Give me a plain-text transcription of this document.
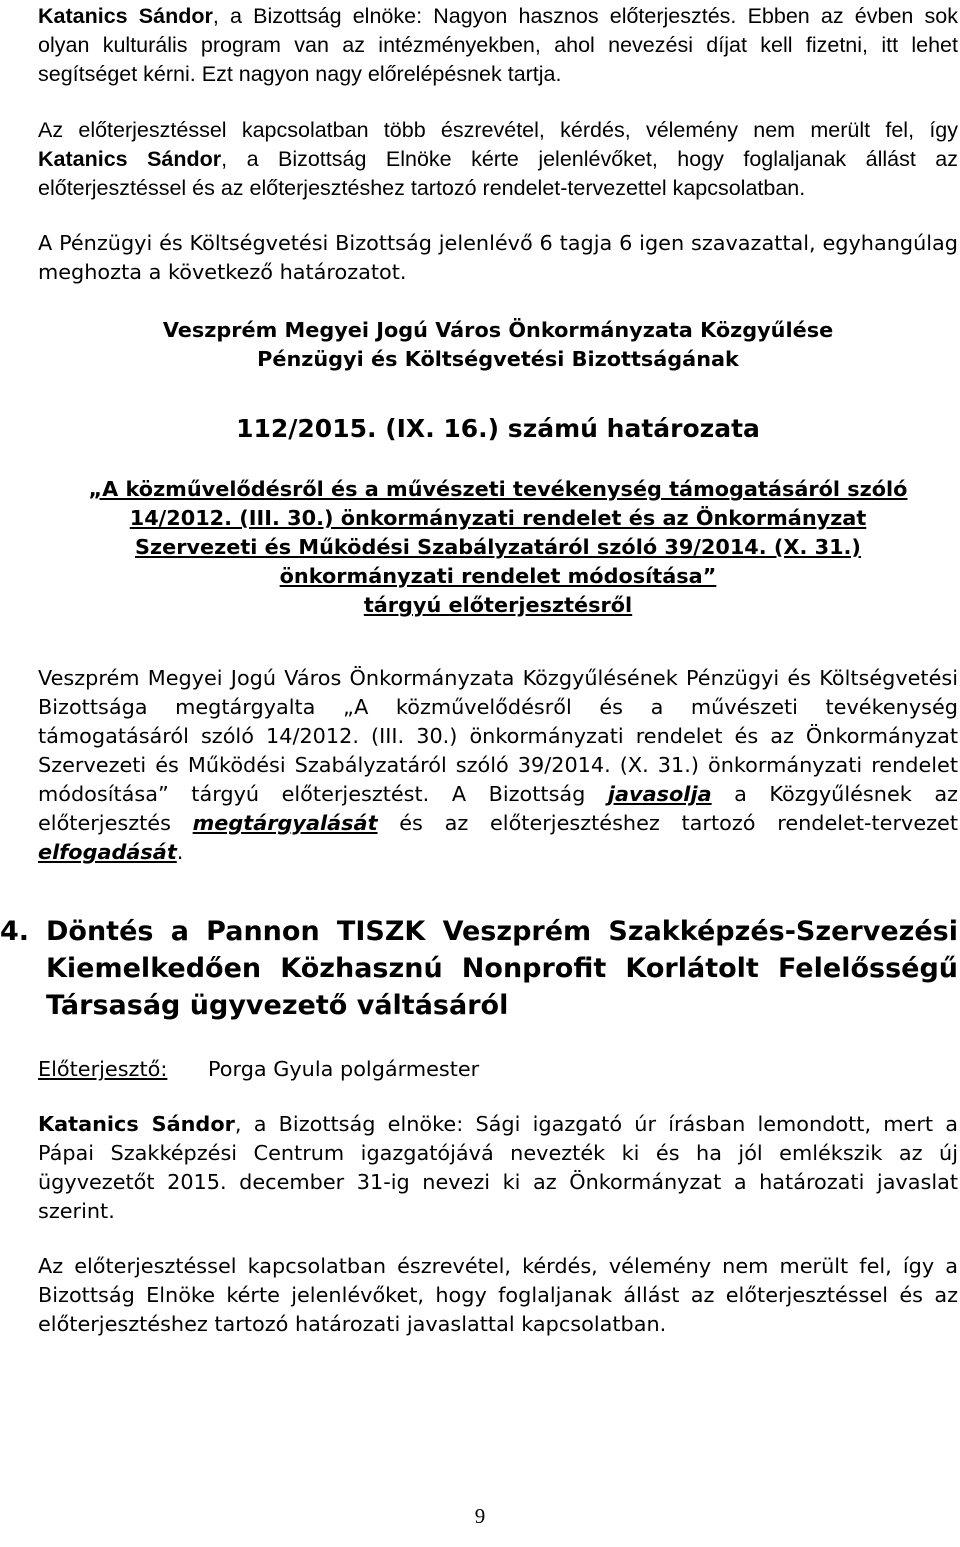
Katanics Sándor, a Bizottság elnöke: Nagyon hasznos előterjesztés. Ebben az évben sok olyan kulturális program van az intézményekben, ahol nevezési díjat kell fizetni, itt lehet segítséget kérni. Ezt nagyon nagy előrelépésnek tartja.

Az előterjesztéssel kapcsolatban több észrevétel, kérdés, vélemény nem merült fel, így Katanics Sándor, a Bizottság Elnöke kérte jelenlévőket, hogy foglaljanak állást az előterjesztéssel és az előterjesztéshez tartozó rendelet-tervezettel kapcsolatban.

A Pénzügyi és Költségvetési Bizottság jelenlévő 6 tagja 6 igen szavazattal, egyhangúlag meghozta a következő határozatot.

Veszprém Megyei Jogú Város Önkormányzata Közgyűlése
Pénzügyi és Költségvetési Bizottságának
112/2015. (IX. 16.) számú határozata
„A közművelődésről és a művészeti tevékenység támogatásáról szóló
14/2012. (III. 30.) önkormányzati rendelet és az Önkormányzat
Szervezeti és Működési Szabályzatáról szóló 39/2014. (X. 31.)
önkormányzati rendelet módosítása”
tárgyú előterjesztésről

Veszprém Megyei Jogú Város Önkormányzata Közgyűlésének Pénzügyi és Költségvetési Bizottsága megtárgyalta „A közművelődésről és a művészeti tevékenység támogatásáról szóló 14/2012. (III. 30.) önkormányzati rendelet és az Önkormányzat Szervezeti és Működési Szabályzatáról szóló 39/2014. (X. 31.) önkormányzati rendelet módosítása” tárgyú előterjesztést. A Bizottság javasolja a Közgyűlésnek az előterjesztés megtárgyalását és az előterjesztéshez tartozó rendelet-tervezet elfogadását.

4. Döntés a Pannon TISZK Veszprém Szakképzés-Szervezési Kiemelkedően Közhasznú Nonprofit Korlátolt Felelősségű Társaság ügyvezető váltásáról
Előterjesztő:	Porga Gyula polgármester

Katanics Sándor, a Bizottság elnöke: Sági igazgató úr írásban lemondott, mert a Pápai Szakképzési Centrum igazgatójává nevezték ki és ha jól emlékszik az új ügyvezetőt 2015. december 31-ig nevezi ki az Önkormányzat a határozati javaslat szerint.

Az előterjesztéssel kapcsolatban észrevétel, kérdés, vélemény nem merült fel, így a Bizottság Elnöke kérte jelenlévőket, hogy foglaljanak állást az előterjesztéssel és az előterjesztéshez tartozó határozati javaslattal kapcsolatban.

9
